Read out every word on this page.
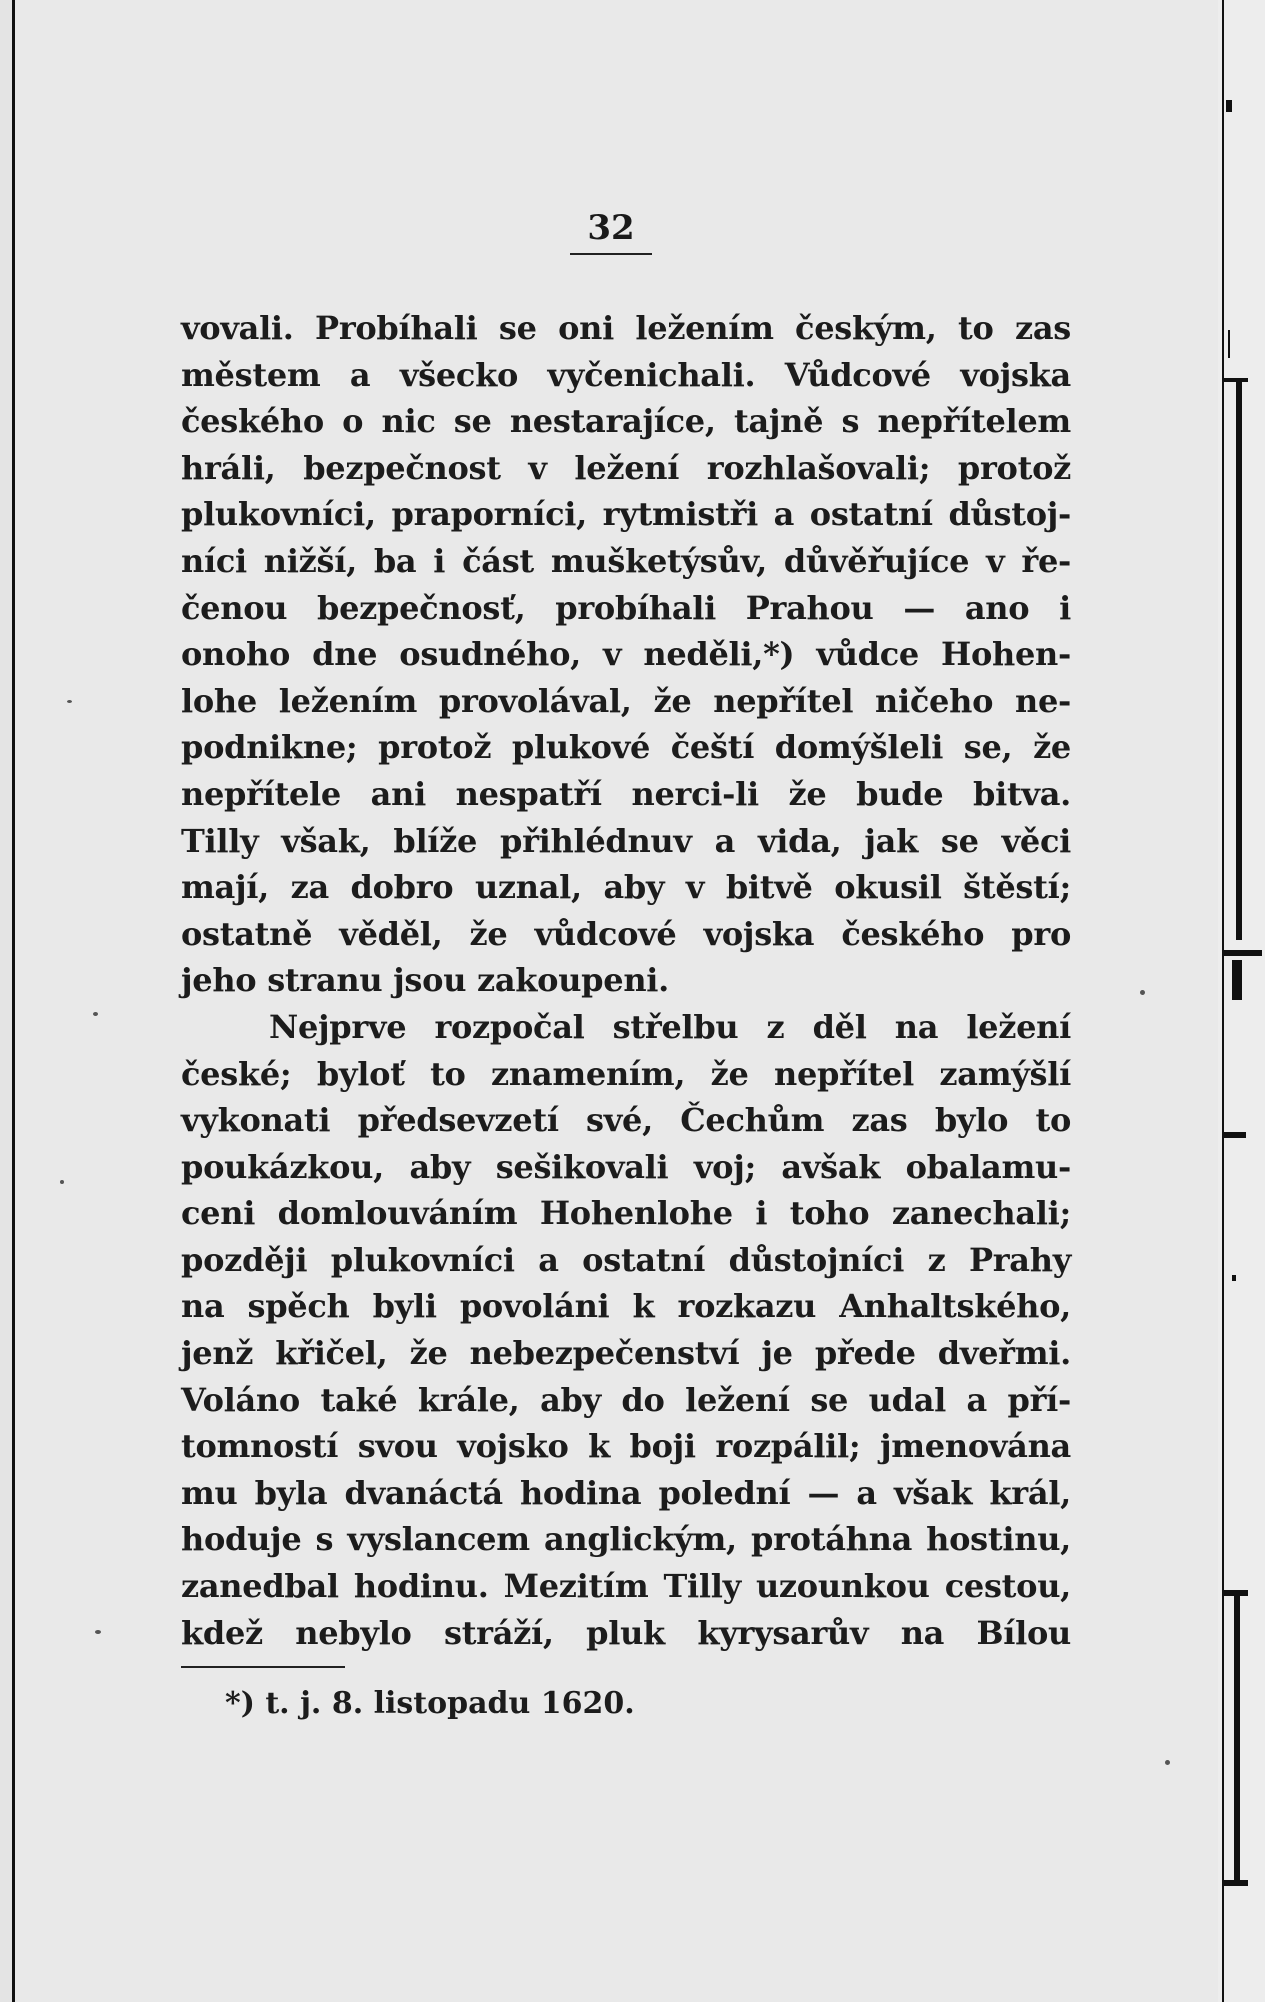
32
vovali. Probíhali se oni ležením českým, to zas
městem a všecko vyčenichali. Vůdcové vojska
českého o nic se nestarajíce, tajně s nepřítelem
hráli, bezpečnost v ležení rozhlašovali; protož
plukovníci, praporníci, rytmistři a ostatní důstoj-
níci nižší, ba i část mušketýsův, důvěřujíce v ře-
čenou bezpečnosť, probíhali Prahou — ano i
onoho dne osudného, v neděli,*) vůdce Hohen-
lohe ležením provolával, že nepřítel ničeho ne-
podnikne; protož plukové čeští domýšleli se, že
nepřítele ani nespatří nerci-li že bude bitva.
Tilly však, blíže přihlédnuv a vida, jak se věci
mají, za dobro uznal, aby v bitvě okusil štěstí;
ostatně věděl, že vůdcové vojska českého pro
jeho stranu jsou zakoupeni.
Nejprve rozpočal střelbu z děl na ležení
české; byloť to znamením, že nepřítel zamýšlí
vykonati předsevzetí své, Čechům zas bylo to
poukázkou, aby sešikovali voj; avšak obalamu-
ceni domlouváním Hohenlohe i toho zanechali;
později plukovníci a ostatní důstojníci z Prahy
na spěch byli povoláni k rozkazu Anhaltského,
jenž křičel, že nebezpečenství je přede dveřmi.
Voláno také krále, aby do ležení se udal a pří-
tomností svou vojsko k boji rozpálil; jmenována
mu byla dvanáctá hodina polední — a však král,
hoduje s vyslancem anglickým, protáhna hostinu,
zanedbal hodinu. Mezitím Tilly uzounkou cestou,
kdež nebylo stráží, pluk kyrysarův na Bílou
*) t. j. 8. listopadu 1620.
